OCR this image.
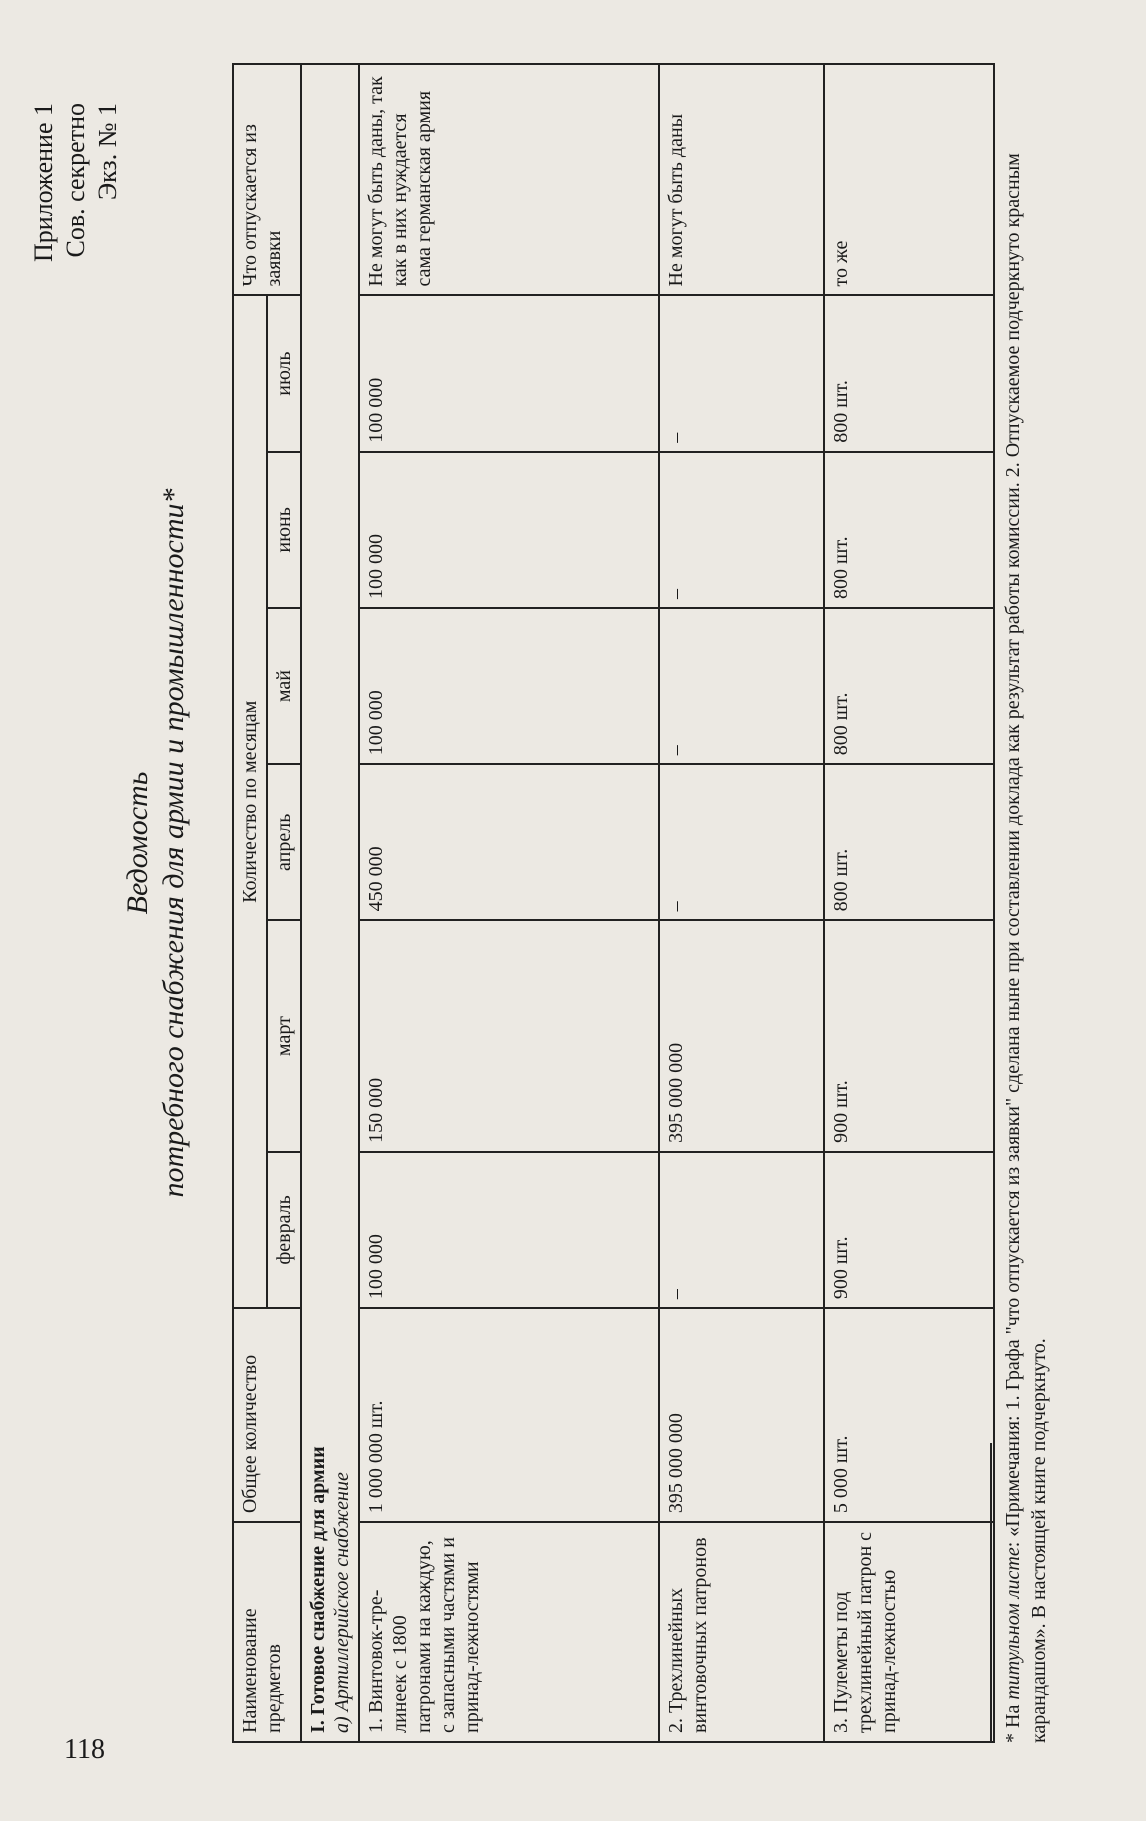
118
Приложение 1 Сов. секретно Экз. № 1
Ведомость потребного снабжения для армии и промышленности*
Наименование предметов	Общее количество	Количество по месяцам						Что отпускается из заявки
		февраль	март	апрель	май	июнь	июль	

I. Готовое снабжение для армии а) Артиллерийское снабжение								

1. Винтовок-тре-линеек с 1800 патронами на каждую, с запасными частями и принад-лежностями	1 000 000 шт.	100 000	150 000	450 000	100 000	100 000	100 000	Не могут быть даны, так как в них нуждается сама германская армия
2. Трехлинейных винтовочных патронов	395 000 000	–	395 000 000	–	–	–	–	Не могут быть даны
3. Пулеметы под трехлинейный патрон с принад-лежностью	5 000 шт.	900 шт.	900 шт.	800 шт.	800 шт.	800 шт.	800 шт.	то же
* На титульном листе: «Примечания: 1. Графа "что отпускается из заявки" сделана ныне при составлении доклада как результат работы комиссии. 2. Отпускаемое подчеркнуто красным карандашом». В настоящей книге подчеркнуто.
